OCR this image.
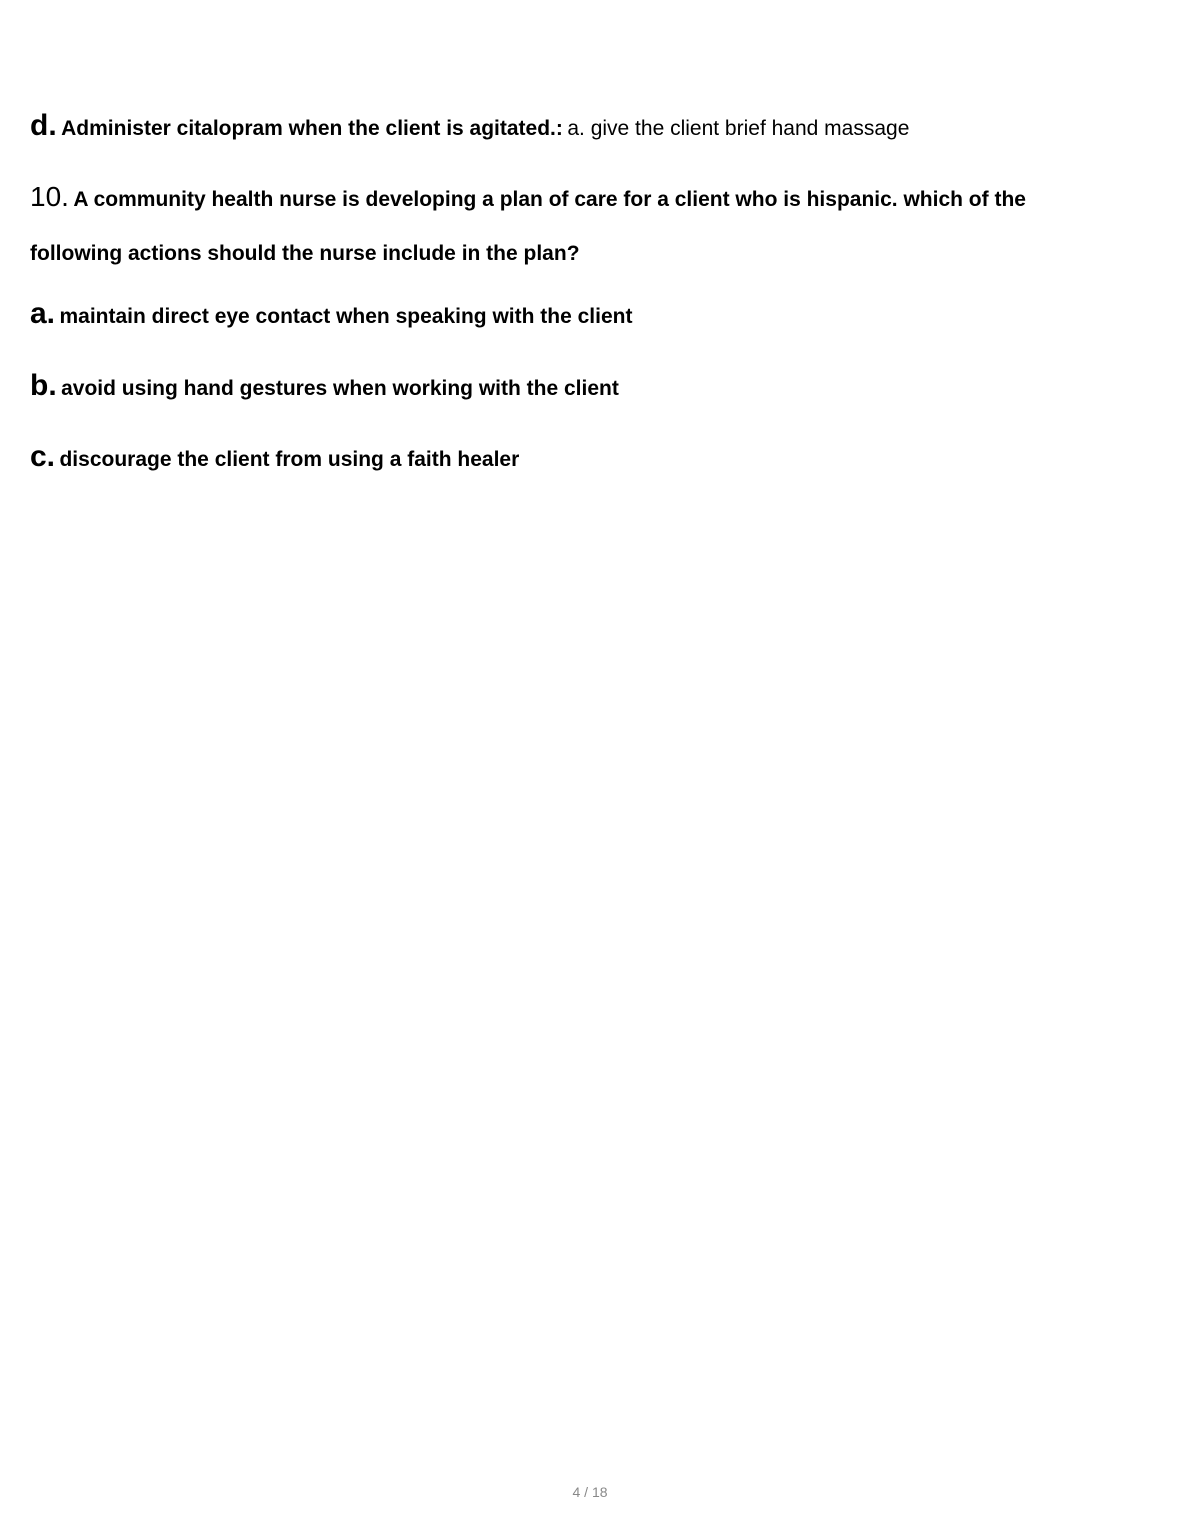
d. Administer citalopram when the client is agitated.: a. give the client brief hand massage
10. A community health nurse is developing a plan of care for a client who is hispanic. which of the
following actions should the nurse include in the plan?
a. maintain direct eye contact when speaking with the client
b. avoid using hand gestures when working with the client
c. discourage the client from using a faith healer
4 / 18
